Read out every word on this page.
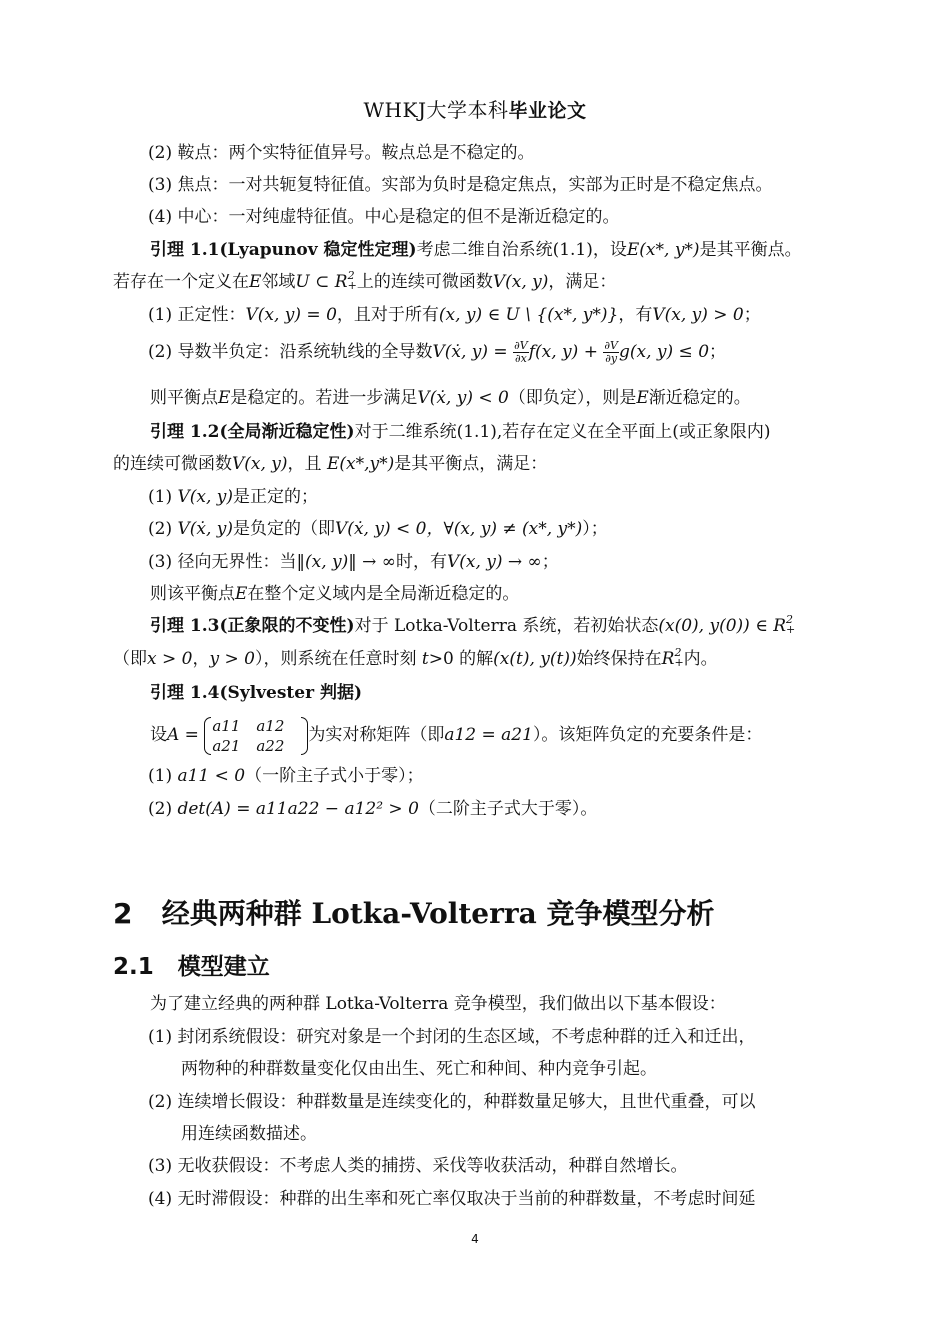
WHKJ大学本科毕业论文
(2) 鞍点：两个实特征值异号。鞍点总是不稳定的。
(3) 焦点：一对共轭复特征值。实部为负时是稳定焦点，实部为正时是不稳定焦点。
(4) 中心：一对纯虚特征值。中心是稳定的但不是渐近稳定的。
引理 1.1(Lyapunov 稳定性定理)考虑二维自治系统(1.1)，设E(x*, y*)是其平衡点。
若存在一个定义在E邻域U ⊂ R 2
+ 上的连续可微函数V(x, y)，满足：
(1) 正定性：V(x, y) = 0，且对于所有(x, y) ∈ U \ {(x*, y*)}，有V(x, y) > 0；
(2) 导数半负定：沿系统轨线的全导数V(ẋ, $y) = \frac{\partial V}{\partial x} f(x$, $y) + \frac{\partial V}{\partial y} g(x$, y) ≤ 0；
则平衡点E是稳定的。若进一步满足V(ẋ, y) < 0（即负定），则是E渐近稳定的。
引理 1.2(全局渐近稳定性)对于二维系统(1.1),若存在定义在全平面上(或正象限内)
的连续可微函数V(x, y)，且 E(x*,y*)是其平衡点，满足：
(1) V(x, y)是正定的；
(2) V(ẋ, y)是负定的（即V(ẋ, y) < 0，∀(x, y) ≠ (x*, y*)）；
(3) 径向无界性：当‖(x, y)‖ → ∞时，有V(x, y) → ∞；
则该平衡点E在整个定义域内是全局渐近稳定的。
引理 1.3(正象限的不变性)对于 Lotka-Volterra 系统，若初始状态(x(0), y(0)) ∈ R 2
+
（即x > 0，y > 0），则系统在任意时刻 t>0 的解(x(t), y(t))始终保持在R 2
+ 内。
引理 1.4(Sylvester 判据)
设A = a11 a12
a21 a22
为实对称矩阵（即a12 = a21）。该矩阵负定的充要条件是：
(1) a11 < 0（一阶主子式小于零）；
(2) det(A) = a11a22 − a12² > 0（二阶主子式大于零）。
2 经典两种群 Lotka-Volterra 竞争模型分析
2.1 模型建立
为了建立经典的两种群 Lotka-Volterra 竞争模型，我们做出以下基本假设：
(1) 封闭系统假设：研究对象是一个封闭的生态区域，不考虑种群的迁入和迁出，
两物种的种群数量变化仅由出生、死亡和种间、种内竞争引起。
(2) 连续增长假设：种群数量是连续变化的，种群数量足够大，且世代重叠，可以
用连续函数描述。
(3) 无收获假设：不考虑人类的捕捞、采伐等收获活动，种群自然增长。
(4) 无时滞假设：种群的出生率和死亡率仅取决于当前的种群数量，不考虑时间延
4
